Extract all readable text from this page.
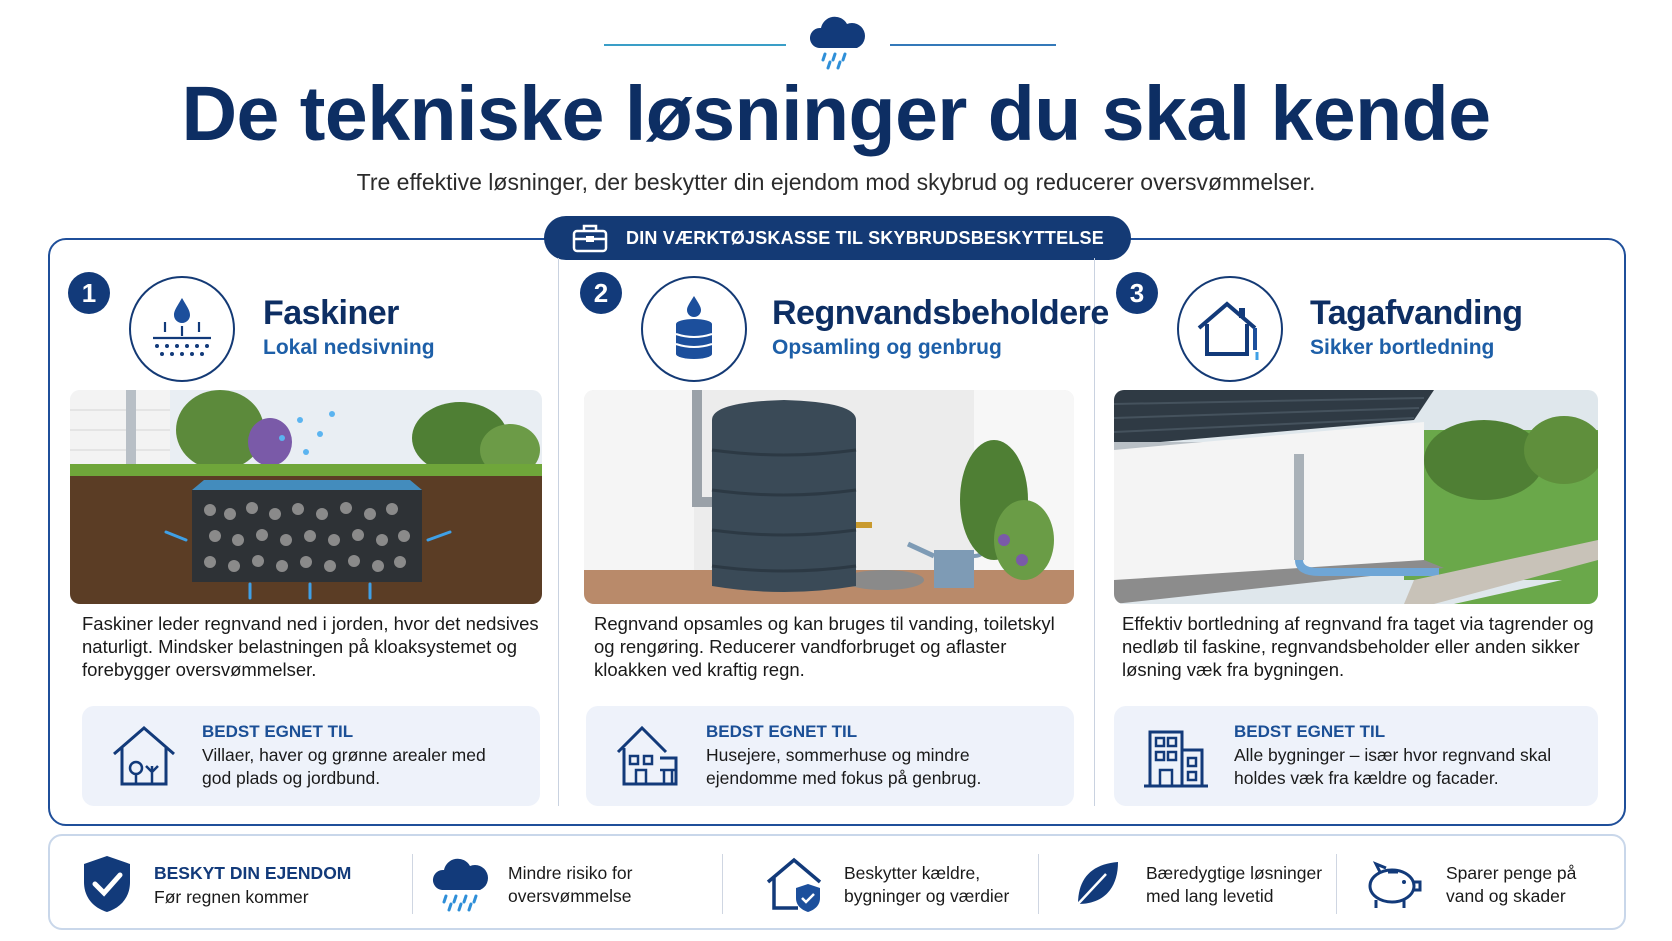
De tekniske løsninger du skal kende
Tre effektive løsninger, der beskytter din ejendom mod skybrud og reducerer oversvømmelser.
DIN VÆRKTØJSKASSE TIL SKYBRUDSBESKYTTELSE
1
Faskiner
Lokal nedsivning
Faskiner leder regnvand ned i jorden, hvor det nedsives naturligt. Mindsker belastningen på kloaksystemet og forebygger oversvømmelser.
BEDST EGNET TIL
Villaer, haver og grønne arealer med god plads og jordbund.
2
Regnvandsbeholdere
Opsamling og genbrug
Regnvand opsamles og kan bruges til vanding, toiletskyl og rengøring. Reducerer vandforbruget og aflaster kloakken ved kraftig regn.
BEDST EGNET TIL
Husejere, sommerhuse og mindre ejendomme med fokus på genbrug.
3
Tagafvanding
Sikker bortledning
Effektiv bortledning af regnvand fra taget via tagrender og nedløb til faskine, regnvandsbeholder eller anden sikker løsning væk fra bygningen.
BEDST EGNET TIL
Alle bygninger – især hvor regnvand skal holdes væk fra kældre og facader.
BESKYT DIN EJENDOM
Før regnen kommer
Mindre risiko for oversvømmelse
Beskytter kældre, bygninger og værdier
Bæredygtige løsninger med lang levetid
Sparer penge på vand og skader
